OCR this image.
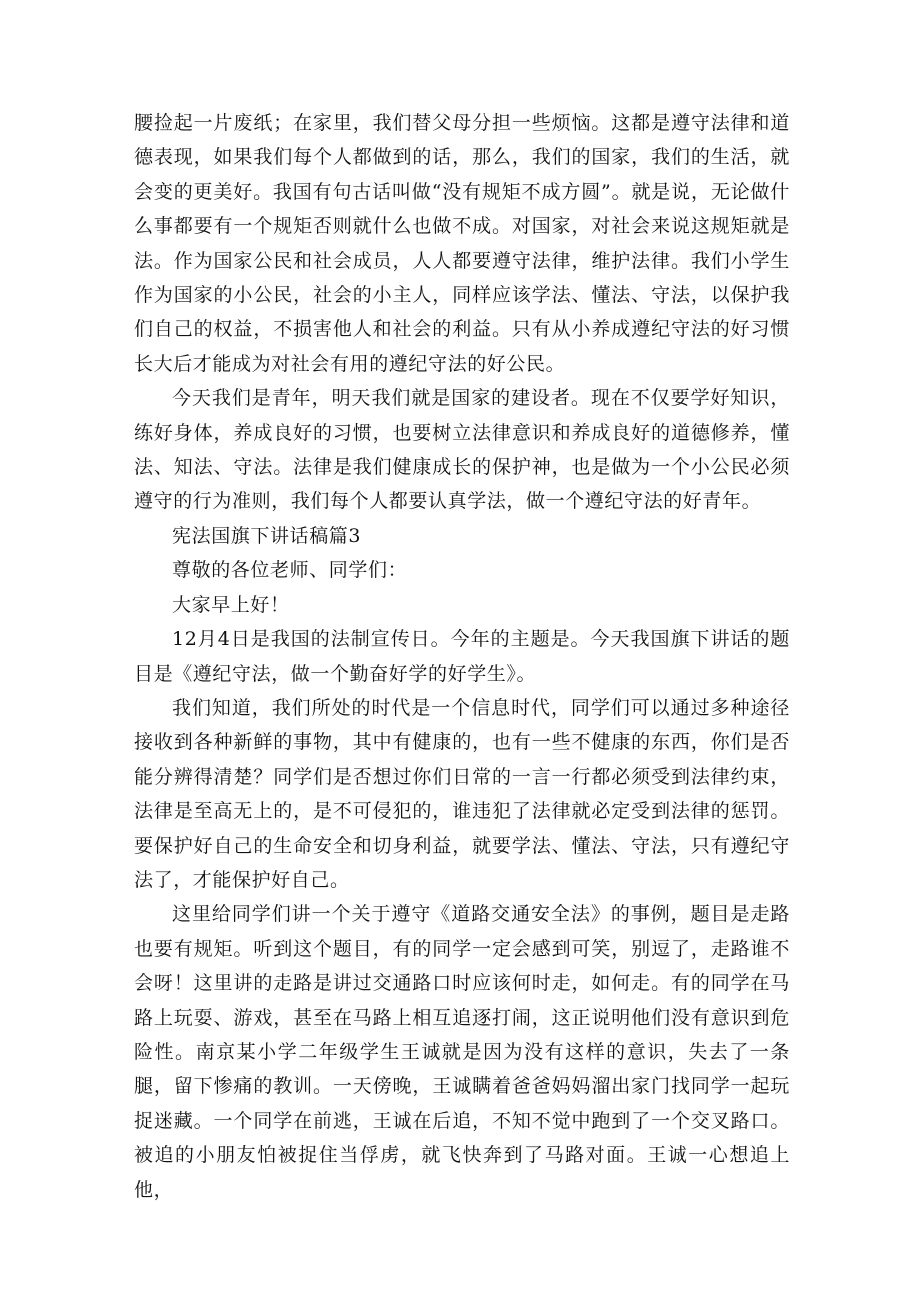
腰捡起一片废纸；在家里，我们替父母分担一些烦恼。这都是遵守法律和道德表现，如果我们每个人都做到的话，那么，我们的国家，我们的生活，就会变的更美好。我国有句古话叫做“没有规矩不成方圆”。就是说，无论做什么事都要有一个规矩否则就什么也做不成。对国家，对社会来说这规矩就是法。作为国家公民和社会成员，人人都要遵守法律，维护法律。我们小学生作为国家的小公民，社会的小主人，同样应该学法、懂法、守法，以保护我们自己的权益，不损害他人和社会的利益。只有从小养成遵纪守法的好习惯长大后才能成为对社会有用的遵纪守法的好公民。

今天我们是青年，明天我们就是国家的建设者。现在不仅要学好知识，练好身体，养成良好的习惯，也要树立法律意识和养成良好的道德修养，懂法、知法、守法。法律是我们健康成长的保护神，也是做为一个小公民必须遵守的行为准则，我们每个人都要认真学法，做一个遵纪守法的好青年。

宪法国旗下讲话稿篇3

尊敬的各位老师、同学们：

大家早上好！

12月4日是我国的法制宣传日。今年的主题是。今天我国旗下讲话的题目是《遵纪守法，做一个勤奋好学的好学生》。

我们知道，我们所处的时代是一个信息时代，同学们可以通过多种途径接收到各种新鲜的事物，其中有健康的，也有一些不健康的东西，你们是否能分辨得清楚？同学们是否想过你们日常的一言一行都必须受到法律约束，法律是至高无上的，是不可侵犯的，谁违犯了法律就必定受到法律的惩罚。要保护好自己的生命安全和切身利益，就要学法、懂法、守法，只有遵纪守法了，才能保护好自己。

这里给同学们讲一个关于遵守《道路交通安全法》的事例，题目是走路也要有规矩。听到这个题目，有的同学一定会感到可笑，别逗了，走路谁不会呀！这里讲的走路是讲过交通路口时应该何时走，如何走。有的同学在马路上玩耍、游戏，甚至在马路上相互追逐打闹，这正说明他们没有意识到危险性。南京某小学二年级学生王诚就是因为没有这样的意识，失去了一条腿，留下惨痛的教训。一天傍晚，王诚瞒着爸爸妈妈溜出家门找同学一起玩捉迷藏。一个同学在前逃，王诚在后追，不知不觉中跑到了一个交叉路口。被追的小朋友怕被捉住当俘虏，就飞快奔到了马路对面。王诚一心想追上他，
